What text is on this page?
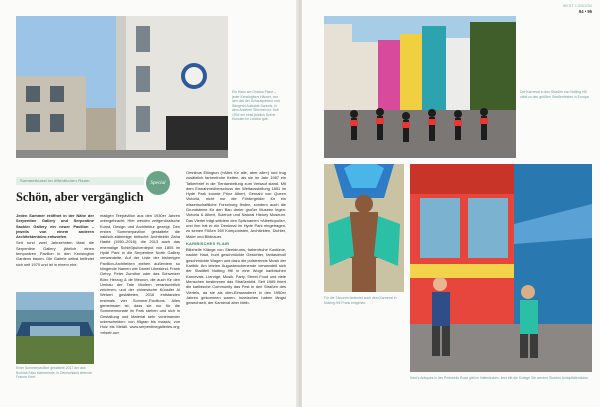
Ein Haus am Onslow Place – jeder Kensingtons Häuser, von den das der Schauspielerin und Sängerin Adelaide Sartoris, in dem Anderen Stimmen ist. Seit 1904 ein einst jährlich Szene Kunsten im London gab.
Sommerkunst im öffentlichen Raum	Special
Schön, aber vergänglich

Jeden Sommer eröffnet in der Nähe der Serpentine Gallery und Serpentine Sackler Gallery ein neuer Pavillon – jeweils von einem anderen Architektenbüro entworfen.

Seit rund zwei Jahrzehnten lässt die Serpentine Gallery jährlich einen temporären Pavillon in den Kensington Gardens bauen. Die Galerie selbst befindet sich seit 1970 und ist in einem ehe-

maligen Teepavillon aus den 1930er Jahren untergebracht. Hier werden zeitgenössische Kunst, Design und Architektur gezeigt. Den ersten Sommerpavillon gestaltete die irakisch-stämmige britische Architektin Zaha Hadid (1950–2016); die 2013 auch das ehemalige Schießpulverdepot von 1805 im Hyde Park in die Serpentine North Gallery verwandelte. Auf der Liste der bisherigen Pavillon-Architekten stehen außerdem so klingende Namen wie Daniel Libeskind, Frank Gehry, Peter Zumthor oder das Schweizer Büro Herzog & de Meuron, die auch für den Umbau der Tate Modern verantwortlich zeichnen, und der chinesische Künstler Ai Weiwei gestalteten, 2016 entstanden erstmals vier Sommer-Pavillons. Alles gemeinsam ist, dass sie nur für die Sommermonate im Park stehen und sich in Gestaltung und Material sehr voneinander unterscheiden: von filigran bis massiv, von Holz bis Metall. www.serpentinegalleries.org; »elsetr.oo«

Omnibus Ellington (»Alles für alle, aber alle«) und trug zusätzlich farbenfrohe Ketten, als sie im Jahr 1987 ein Talkerbrief in die Tierdarstellung zum Verkauf stand. Mit dem Einnahmeüberschuss der Weltausstellung 1851 im Hyde Park konnte Prinz Albert, Gemahl von Queen Victoria, nicht nur die Fördergelder für ein wissenschaftliche Forschung finden, sondern auch die Grundsteine für den Bau dreier großer Museen legen: Victoria & Albert, Science und Natural History Museum. Das Viertel trägt seitdem den Spitznamen »Albertopolis«, und ihm hat er ein Denkmal im Hyde Park eingetragen, zu seinen Füßen 169 Komponisten, Architekten, Dichter, Maler und Bildhauer.

KARIBISCHES FLAIR

Blitzhelle Klänge von Steeldrums, farbenfrohe Kostüme, nackte Haut, bunt geschmückte Gesichter, fantasievoll geschmückte Wagen und dazu die pulsierende Musik der Karibik: Am letzten Augustwochenende verwandelt sich der Stadtteil Notting Hill in eine Woge karibischen Karnevals. Lienrige, Musik, Party, Street Food und viele Menschen bestimmen das Straßenbild. Seit 1965 feiert die karibische Community das Fest in den Straßen des Viertels, da sie als dien-Einwanderer in den 1950er Jahren gekommen waren. Inzwischen haben längst gewechselt, der Karneval aber bleib-

Einer Sommerpavillon gestaltete 2017 der aus Burkina Faso stammende, in Deutschland lebende Francis Kéré.
WEST LONDON
94 • 95
Der Karneval in den Straßen von Notting Hill zählt zu den größten Straßenfesten in Europa.
Für die Tänzerin bedeutet auch dem Karneval in Notting Hill Prunk entgehen.
Kéré's Antiques in der Portobello Road gibt im Hafenlecken, liest tritt die Kollage Sie werden Straßen Antiquitätenläden.
